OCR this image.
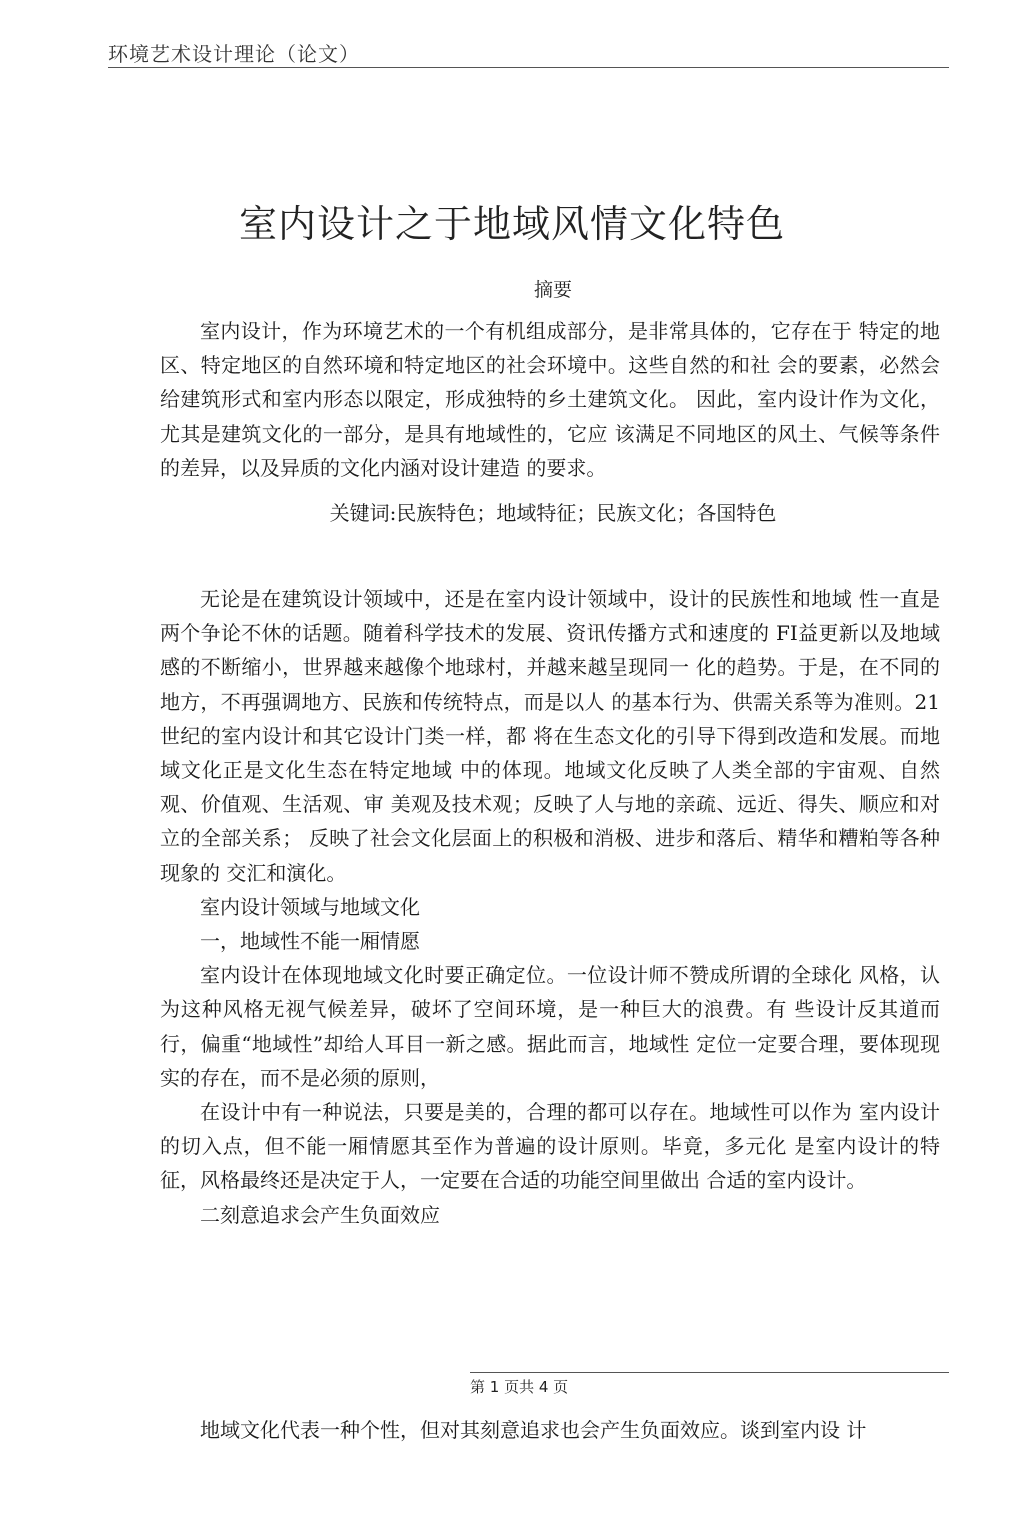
环境艺术设计理论（论文）
室内设计之于地域风情文化特色
摘要

室内设计，作为环境艺术的一个有机组成部分，是非常具体的，它存在于 特定的地区、特定地区的自然环境和特定地区的社会环境中。这些自然的和社 会的要素，必然会给建筑形式和室内形态以限定，形成独特的乡土建筑文化。 因此，室内设计作为文化，尤其是建筑文化的一部分，是具有地域性的，它应 该满足不同地区的风土、气候等条件的差异，以及异质的文化内涵对设计建造 的要求。

关键词:民族特色；地域特征；民族文化；各国特色

无论是在建筑设计领域中，还是在室内设计领域中，设计的民族性和地域 性一直是两个争论不休的话题。随着科学技术的发展、资讯传播方式和速度的 FI益更新以及地域感的不断缩小，世界越来越像个地球村，并越来越呈现同一 化的趋势。于是，在不同的地方，不再强调地方、民族和传统特点，而是以人 的基本行为、供需关系等为准则。21世纪的室内设计和其它设计门类一样，都 将在生态文化的引导下得到改造和发展。而地域文化正是文化生态在特定地域 中的体现。地域文化反映了人类全部的宇宙观、自然观、价值观、生活观、审 美观及技术观；反映了人与地的亲疏、远近、得失、顺应和对立的全部关系； 反映了社会文化层面上的积极和消极、进步和落后、精华和糟粕等各种现象的 交汇和演化。

室内设计领域与地域文化

一，地域性不能一厢情愿

室内设计在体现地域文化时要正确定位。一位设计师不赞成所谓的全球化 风格，认为这种风格无视气候差异，破坏了空间环境，是一种巨大的浪费。有 些设计反其道而行，偏重“地域性”却给人耳目一新之感。据此而言，地域性 定位一定要合理，要体现现实的存在，而不是必须的原则，

在设计中有一种说法，只要是美的，合理的都可以存在。地域性可以作为 室内设计的切入点，但不能一厢情愿其至作为普遍的设计原则。毕竟，多元化 是室内设计的特征，风格最终还是决定于人，一定要在合适的功能空间里做出 合适的室内设计。

二刻意追求会产生负面效应

第 1 页共 4 页

地域文化代表一种个性，但对其刻意追求也会产生负面效应。谈到室内设 计
